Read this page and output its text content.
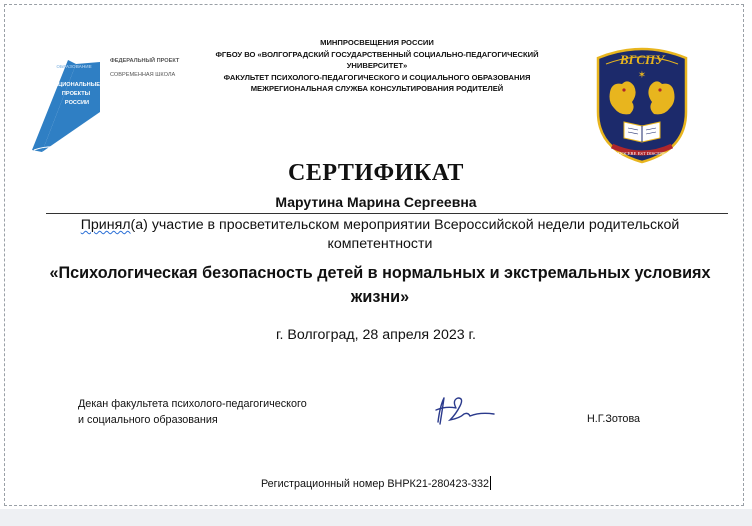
ОБРАЗОВАНИЕ
НАЦИОНАЛЬНЫЕ
ПРОЕКТЫ
РОССИИ
ФЕДЕРАЛЬНЫЙ ПРОЕКТ
СОВРЕМЕННАЯ ШКОЛА
МИНПРОСВЕЩЕНИЯ РОССИИ
ФГБОУ ВО «ВОЛГОГРАДСКИЙ ГОСУДАРСТВЕННЫЙ СОЦИАЛЬНО-ПЕДАГОГИЧЕСКИЙ
УНИВЕРСИТЕТ»
ФАКУЛЬТЕТ ПСИХОЛОГО-ПЕДАГОГИЧЕСКОГО И СОЦИАЛЬНОГО ОБРАЗОВАНИЯ
МЕЖРЕГИОНАЛЬНАЯ СЛУЖБА КОНСУЛЬТИРОВАНИЯ РОДИТЕЛЕЙ
ВГСПУ
✶
DOCERE EST DISCERE
СЕРТИФИКАТ
Марутина Марина Сергеевна
Принял(а) участие в просветительском мероприятии Всероссийской недели родительской компетентности
«Психологическая безопасность детей в нормальных и экстремальных условиях жизни»
г. Волгоград, 28 апреля 2023 г.
Декан факультета психолого-педагогического
и социального образования	Н.Г.Зотова
Регистрационный номер ВНРК21-280423-332
